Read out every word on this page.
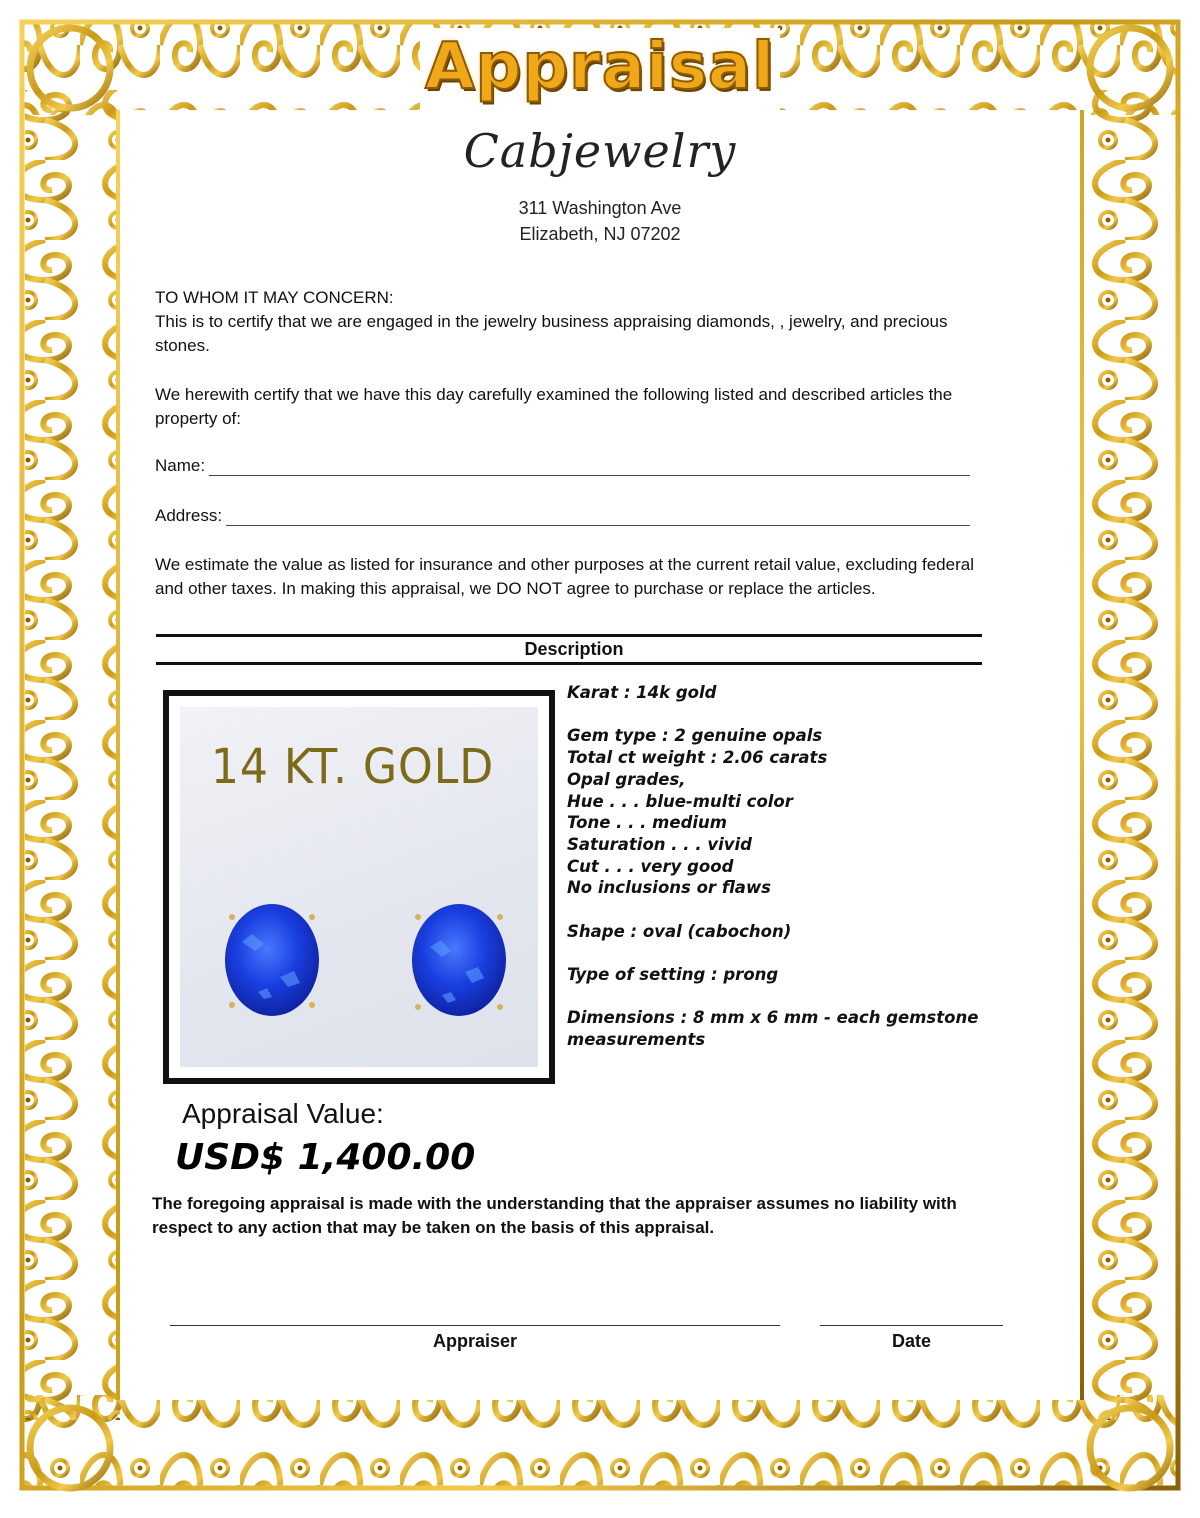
Appraisal
Cabjewelry
311 Washington Ave
Elizabeth, NJ 07202
TO WHOM IT MAY CONCERN:
This is to certify that we are engaged in the jewelry business appraising diamonds, , jewelry, and precious stones.
We herewith certify that we have this day carefully examined the following listed and described articles the property of:
Name:
Address:
We estimate the value as listed for insurance and other purposes at the current retail value, excluding federal and other taxes. In making this appraisal, we DO NOT agree to purchase or replace the articles.
Description
14 KT. GOLD
Karat : 14k gold
Gem type : 2 genuine opals
Total ct weight : 2.06 carats
Opal grades,
Hue . . . blue-multi color
Tone . . . medium
Saturation . . . vivid
Cut . . . very good
No inclusions or flaws
Shape : oval (cabochon)
Type of setting : prong
Dimensions : 8 mm x 6 mm - each gemstone
measurements
Appraisal Value:
USD$ 1,400.00
The foregoing appraisal is made with the understanding that the appraiser assumes no liability with respect to any action that may be taken on the basis of this appraisal.
Appraiser	Date
